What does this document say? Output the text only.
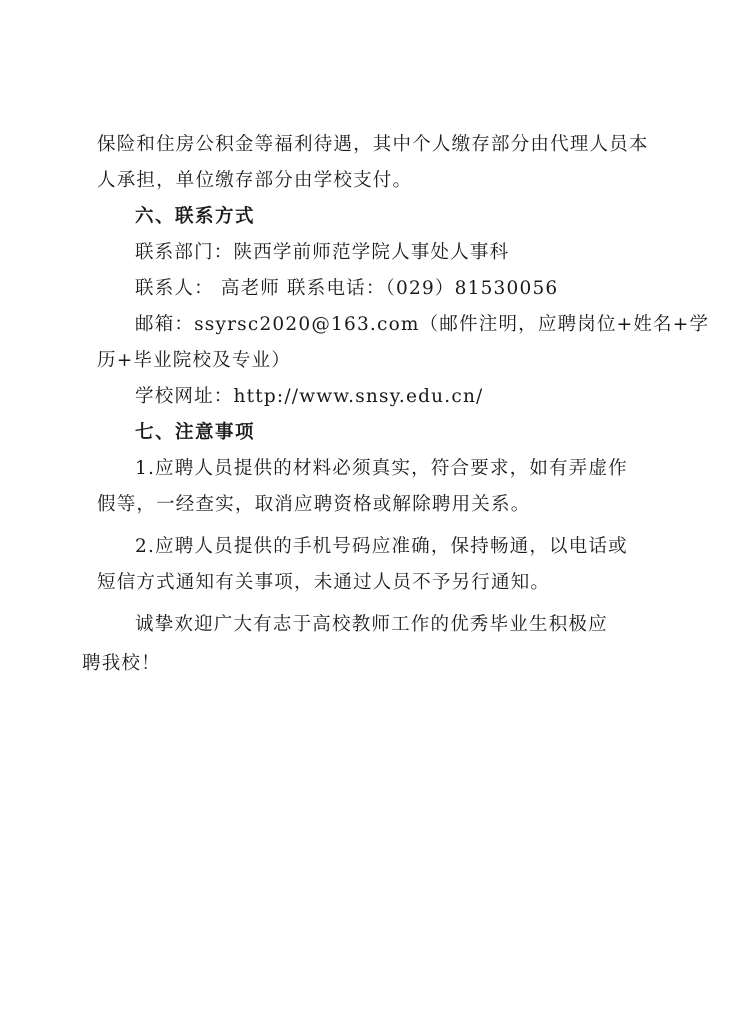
保险和住房公积金等福利待遇，其中个人缴存部分由代理人员本
人承担，单位缴存部分由学校支付。
六、联系方式
联系部门：陕西学前师范学院人事处人事科
联系人： 高老师 联系电话：（029）81530056
邮箱：ssyrsc2020@163.com（邮件注明，应聘岗位+姓名+学
历+毕业院校及专业）
学校网址：http://www.snsy.edu.cn/
七、注意事项
1.应聘人员提供的材料必须真实，符合要求，如有弄虚作
假等，一经查实，取消应聘资格或解除聘用关系。
2.应聘人员提供的手机号码应准确，保持畅通，以电话或
短信方式通知有关事项，未通过人员不予另行通知。
诚挚欢迎广大有志于高校教师工作的优秀毕业生积极应
聘我校！
